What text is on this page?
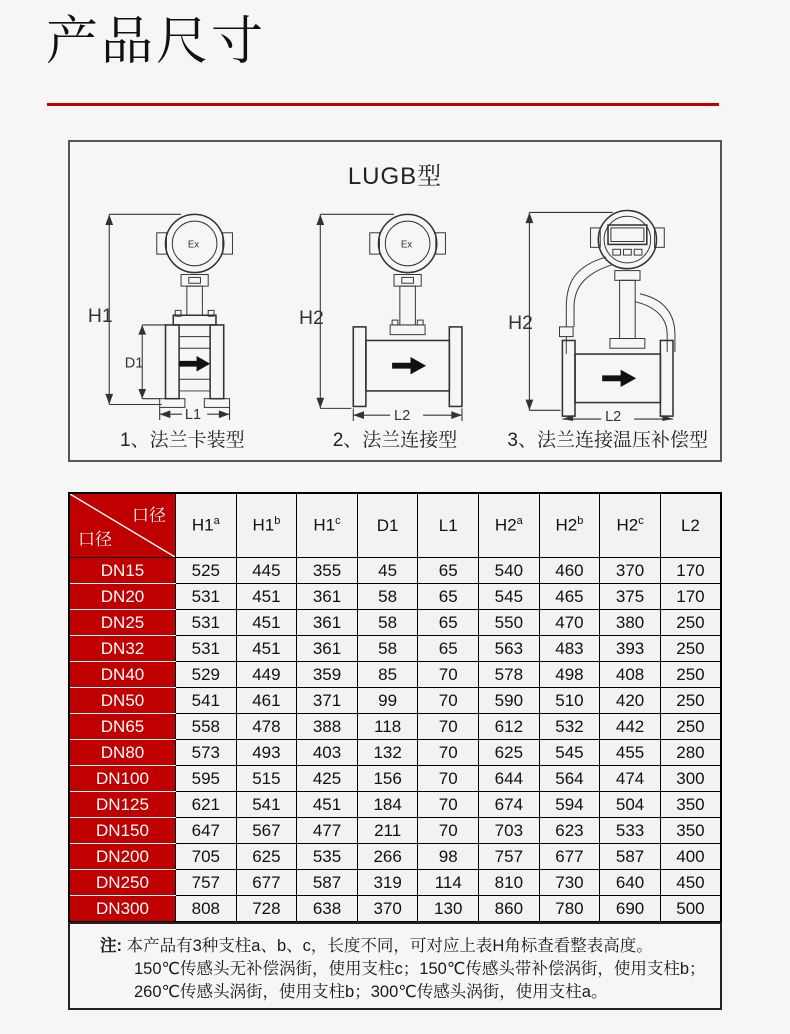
产品尺寸
LUGB型
H1
Ex
D1
L1
1、法兰卡装型
H2
Ex
L2
2、法兰连接型
H2
L2
3、法兰连接温压补偿型
口径
口径	H1$^a$	H1$^b$	H1$^c$	D1	L1	H2$^a$	H2$^b$	H2$^c$	L2
DN15	525	445	355	45	65	540	460	370	170
DN20	531	451	361	58	65	545	465	375	170
DN25	531	451	361	58	65	550	470	380	250
DN32	531	451	361	58	65	563	483	393	250
DN40	529	449	359	85	70	578	498	408	250
DN50	541	461	371	99	70	590	510	420	250
DN65	558	478	388	118	70	612	532	442	250
DN80	573	493	403	132	70	625	545	455	280
DN100	595	515	425	156	70	644	564	474	300
DN125	621	541	451	184	70	674	594	504	350
DN150	647	567	477	211	70	703	623	533	350
DN200	705	625	535	266	98	757	677	587	400
DN250	757	677	587	319	114	810	730	640	450
DN300	808	728	638	370	130	860	780	690	500
注: 本产品有3种支柱a、b、c，长度不同，可对应上表H角标查看整表高度。
150℃传感头无补偿涡街，使用支柱c；150℃传感头带补偿涡街，使用支柱b；
260℃传感头涡街，使用支柱b；300℃传感头涡街，使用支柱a。
